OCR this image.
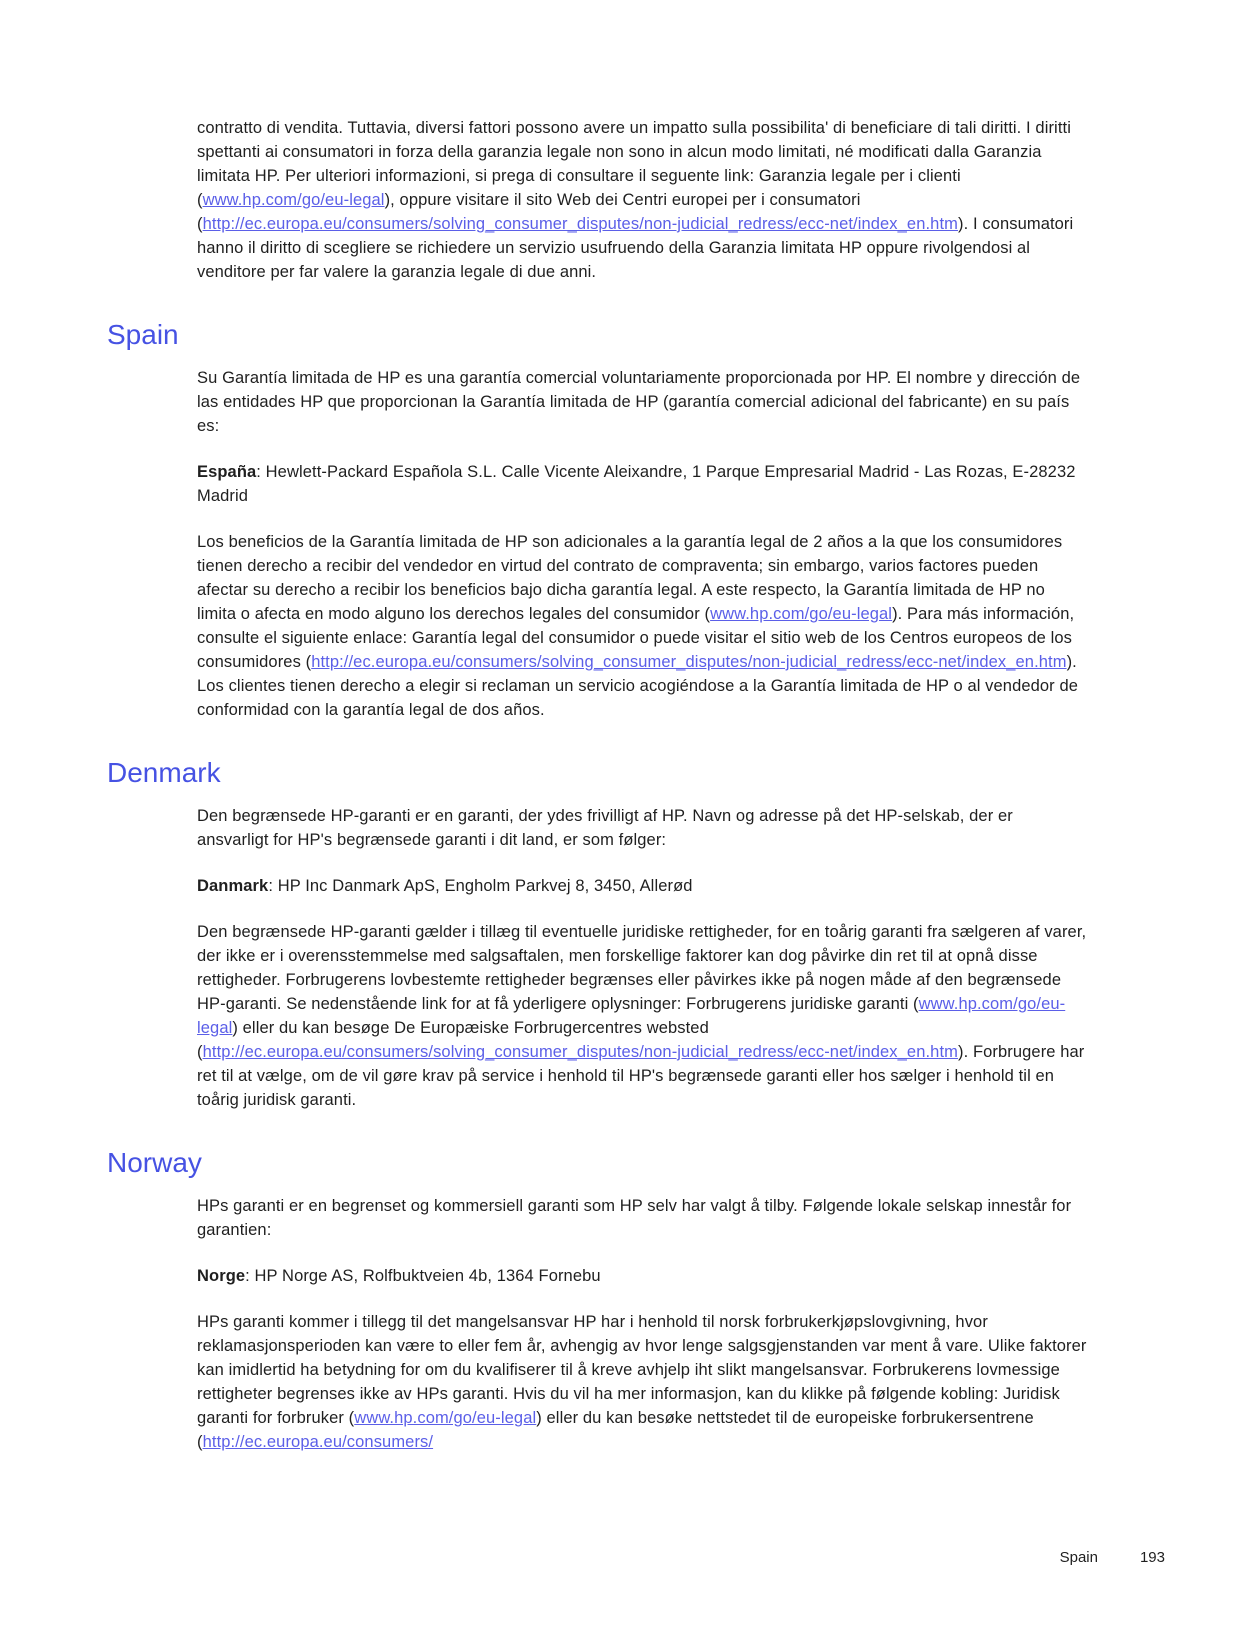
contratto di vendita. Tuttavia, diversi fattori possono avere un impatto sulla possibilita' di beneficiare di tali diritti. I diritti spettanti ai consumatori in forza della garanzia legale non sono in alcun modo limitati, né modificati dalla Garanzia limitata HP. Per ulteriori informazioni, si prega di consultare il seguente link: Garanzia legale per i clienti (www.hp.com/go/eu-legal), oppure visitare il sito Web dei Centri europei per i consumatori (http://ec.europa.eu/consumers/solving_consumer_disputes/non-judicial_redress/ecc-net/index_en.htm). I consumatori hanno il diritto di scegliere se richiedere un servizio usufruendo della Garanzia limitata HP oppure rivolgendosi al venditore per far valere la garanzia legale di due anni.

Spain

Su Garantía limitada de HP es una garantía comercial voluntariamente proporcionada por HP. El nombre y dirección de las entidades HP que proporcionan la Garantía limitada de HP (garantía comercial adicional del fabricante) en su país es:

España: Hewlett-Packard Española S.L. Calle Vicente Aleixandre, 1 Parque Empresarial Madrid - Las Rozas, E-28232 Madrid

Los beneficios de la Garantía limitada de HP son adicionales a la garantía legal de 2 años a la que los consumidores tienen derecho a recibir del vendedor en virtud del contrato de compraventa; sin embargo, varios factores pueden afectar su derecho a recibir los beneficios bajo dicha garantía legal. A este respecto, la Garantía limitada de HP no limita o afecta en modo alguno los derechos legales del consumidor (www.hp.com/go/eu-legal). Para más información, consulte el siguiente enlace: Garantía legal del consumidor o puede visitar el sitio web de los Centros europeos de los consumidores (http://ec.europa.eu/consumers/solving_consumer_disputes/non-judicial_redress/ecc-net/index_en.htm). Los clientes tienen derecho a elegir si reclaman un servicio acogiéndose a la Garantía limitada de HP o al vendedor de conformidad con la garantía legal de dos años.

Denmark

Den begrænsede HP-garanti er en garanti, der ydes frivilligt af HP. Navn og adresse på det HP-selskab, der er ansvarligt for HP's begrænsede garanti i dit land, er som følger:

Danmark: HP Inc Danmark ApS, Engholm Parkvej 8, 3450, Allerød

Den begrænsede HP-garanti gælder i tillæg til eventuelle juridiske rettigheder, for en toårig garanti fra sælgeren af varer, der ikke er i overensstemmelse med salgsaftalen, men forskellige faktorer kan dog påvirke din ret til at opnå disse rettigheder. Forbrugerens lovbestemte rettigheder begrænses eller påvirkes ikke på nogen måde af den begrænsede HP-garanti. Se nedenstående link for at få yderligere oplysninger: Forbrugerens juridiske garanti (www.hp.com/go/eu-legal) eller du kan besøge De Europæiske Forbrugercentres websted (http://ec.europa.eu/consumers/solving_consumer_disputes/non-judicial_redress/ecc-net/index_en.htm). Forbrugere har ret til at vælge, om de vil gøre krav på service i henhold til HP's begrænsede garanti eller hos sælger i henhold til en toårig juridisk garanti.

Norway

HPs garanti er en begrenset og kommersiell garanti som HP selv har valgt å tilby. Følgende lokale selskap innestår for garantien:

Norge: HP Norge AS, Rolfbuktveien 4b, 1364 Fornebu

HPs garanti kommer i tillegg til det mangelsansvar HP har i henhold til norsk forbrukerkjøpslovgivning, hvor reklamasjonsperioden kan være to eller fem år, avhengig av hvor lenge salgsgjenstanden var ment å vare. Ulike faktorer kan imidlertid ha betydning for om du kvalifiserer til å kreve avhjelp iht slikt mangelsansvar. Forbrukerens lovmessige rettigheter begrenses ikke av HPs garanti. Hvis du vil ha mer informasjon, kan du klikke på følgende kobling: Juridisk garanti for forbruker (www.hp.com/go/eu-legal) eller du kan besøke nettstedet til de europeiske forbrukersentrene (http://ec.europa.eu/consumers/

Spain	193
